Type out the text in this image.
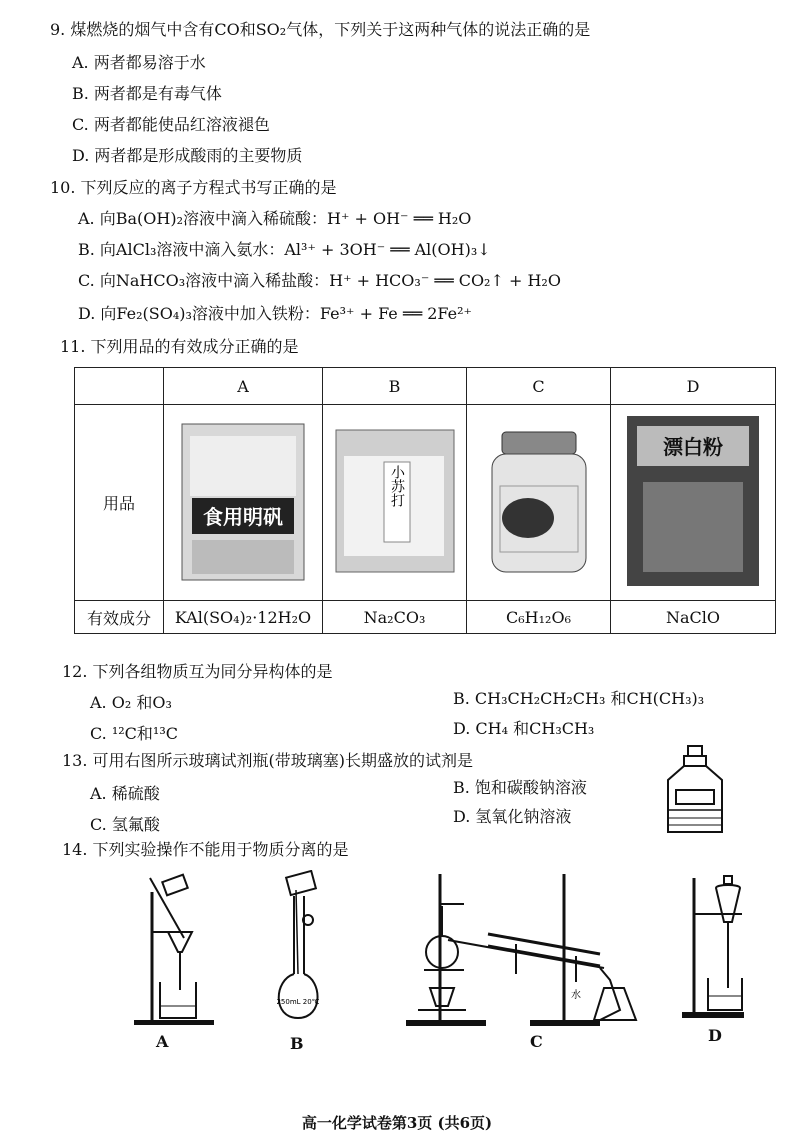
9. 煤燃烧的烟气中含有CO和SO₂气体，下列关于这两种气体的说法正确的是
A. 两者都易溶于水
B. 两者都是有毒气体
C. 两者都能使品红溶液褪色
D. 两者都是形成酸雨的主要物质
10. 下列反应的离子方程式书写正确的是
A. 向Ba(OH)₂溶液中滴入稀硫酸：H⁺ + OH⁻ ══ H₂O
B. 向AlCl₃溶液中滴入氨水：Al³⁺ + 3OH⁻ ══ Al(OH)₃↓
C. 向NaHCO₃溶液中滴入稀盐酸：H⁺ + HCO₃⁻ ══ CO₂↑ + H₂O
D. 向Fe₂(SO₄)₃溶液中加入铁粉：Fe³⁺ + Fe ══ 2Fe²⁺
11. 下列用品的有效成分正确的是
	A	B	C	D
用品	食用明矾	小苏打		漂白粉

有效成分	KAl(SO₄)₂·12H₂O	Na₂CO₃	C₆H₁₂O₆	NaClO
12. 下列各组物质互为同分异构体的是
A. O₂ 和O₃	B. CH₃CH₂CH₂CH₃ 和CH(CH₃)₃
C. ¹²C和¹³C	D. CH₄ 和CH₃CH₃
13. 可用右图所示玻璃试剂瓶(带玻璃塞)长期盛放的试剂是
A. 稀硫酸	B. 饱和碳酸钠溶液
C. 氢氟酸	D. 氢氧化钠溶液
14. 下列实验操作不能用于物质分离的是
A
250mL 20℃
B
水
C	D
高一化学试卷第3页 (共6页)
